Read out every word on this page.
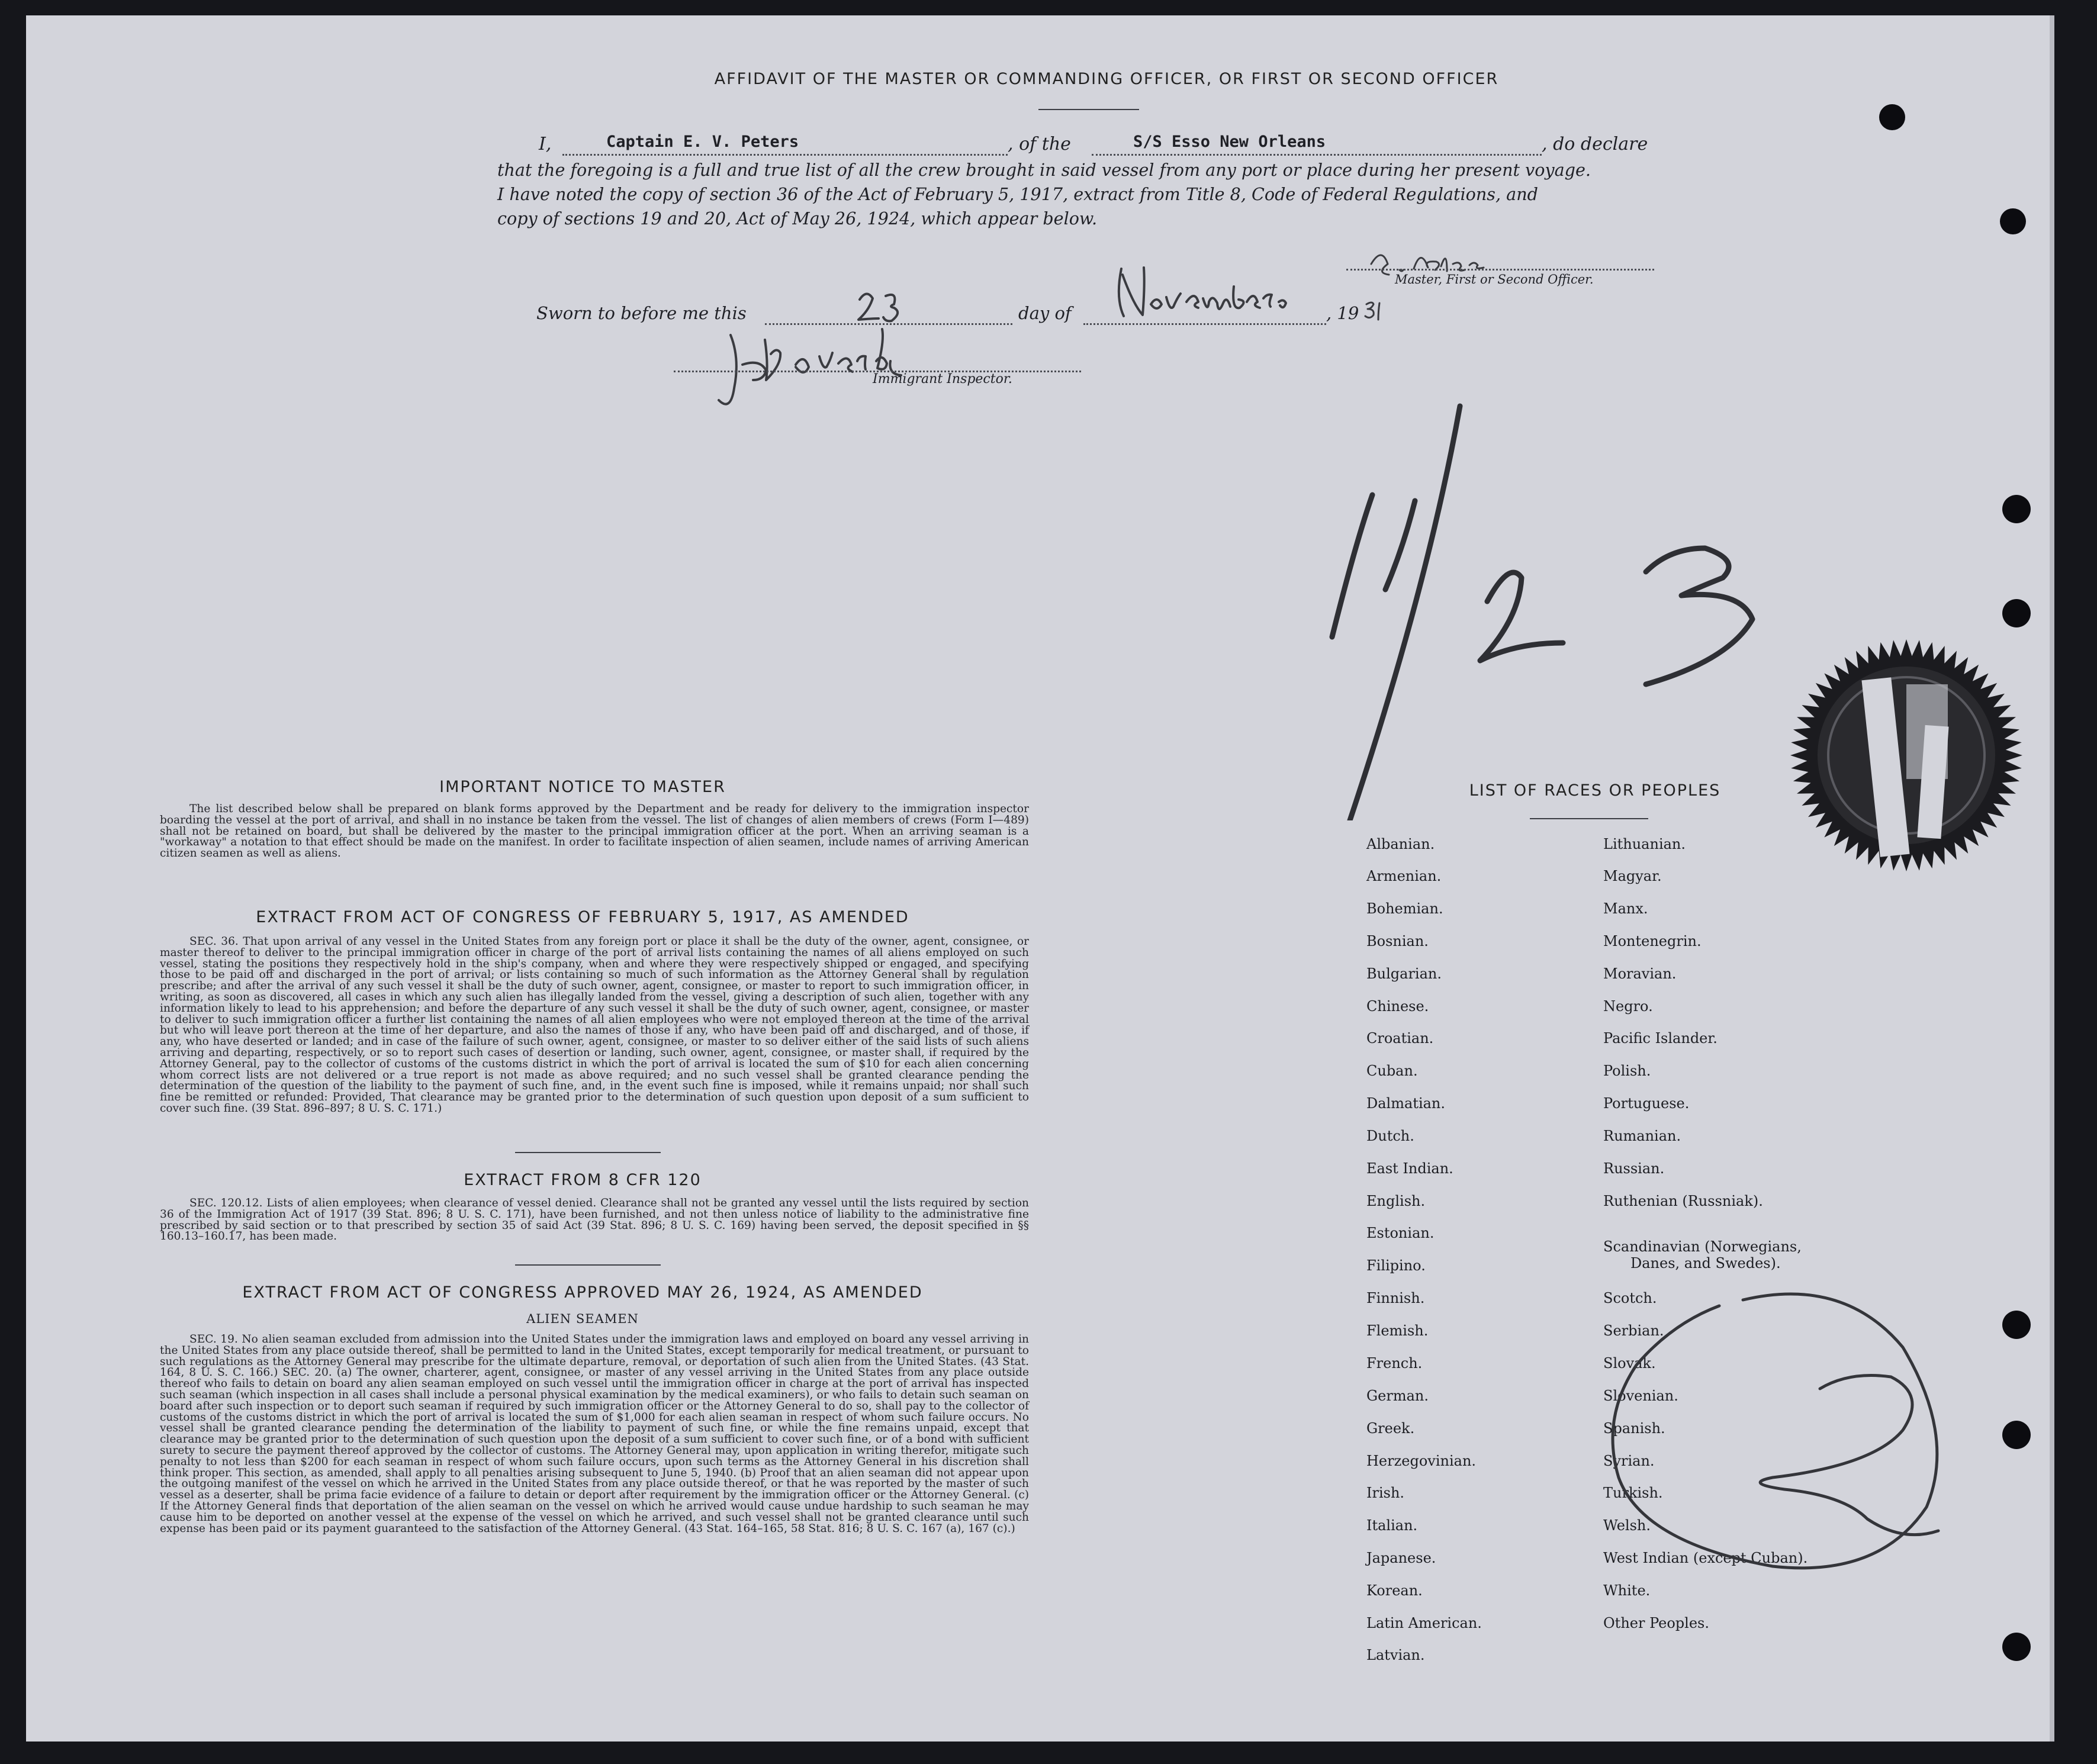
AFFIDAVIT OF THE MASTER OR COMMANDING OFFICER, OR FIRST OR SECOND OFFICER
I,	Captain E. V. Peters	, of the	S/S Esso New Orleans	, do declare
that the foregoing is a full and true list of all the crew brought in said vessel from any port or place during her present voyage.
I have noted the copy of section 36 of the Act of February 5, 1917, extract from Title 8, Code of Federal Regulations, and
copy of sections 19 and 20, Act of May 26, 1924, which appear below.
Master, First or Second Officer.
Sworn to before me this	day of	, 19
Immigrant Inspector.
IMPORTANT NOTICE TO MASTER
The list described below shall be prepared on blank forms approved by the Department and be ready for delivery to the immigration inspector boarding the vessel at the port of arrival, and shall in no instance be taken from the vessel. The list of changes of alien members of crews (Form I—489) shall not be retained on board, but shall be delivered by the master to the principal immigration officer at the port. When an arriving seaman is a "workaway" a notation to that effect should be made on the manifest. In order to facilitate inspection of alien seamen, include names of arriving American citizen seamen as well as aliens.
EXTRACT FROM ACT OF CONGRESS OF FEBRUARY 5, 1917, AS AMENDED
SEC. 36. That upon arrival of any vessel in the United States from any foreign port or place it shall be the duty of the owner, agent, consignee, or master thereof to deliver to the principal immigration officer in charge of the port of arrival lists containing the names of all aliens employed on such vessel, stating the positions they respectively hold in the ship's company, when and where they were respectively shipped or engaged, and specifying those to be paid off and discharged in the port of arrival; or lists containing so much of such information as the Attorney General shall by regulation prescribe; and after the arrival of any such vessel it shall be the duty of such owner, agent, consignee, or master to report to such immigration officer, in writing, as soon as discovered, all cases in which any such alien has illegally landed from the vessel, giving a description of such alien, together with any information likely to lead to his apprehension; and before the departure of any such vessel it shall be the duty of such owner, agent, consignee, or master to deliver to such immigration officer a further list containing the names of all alien employees who were not employed thereon at the time of the arrival but who will leave port thereon at the time of her departure, and also the names of those if any, who have been paid off and discharged, and of those, if any, who have deserted or landed; and in case of the failure of such owner, agent, consignee, or master to so deliver either of the said lists of such aliens arriving and departing, respectively, or so to report such cases of desertion or landing, such owner, agent, consignee, or master shall, if required by the Attorney General, pay to the collector of customs of the customs district in which the port of arrival is located the sum of $10 for each alien concerning whom correct lists are not delivered or a true report is not made as above required; and no such vessel shall be granted clearance pending the determination of the question of the liability to the payment of such fine, and, in the event such fine is imposed, while it remains unpaid; nor shall such fine be remitted or refunded: Provided, That clearance may be granted prior to the determination of such question upon deposit of a sum sufficient to cover such fine. (39 Stat. 896–897; 8 U. S. C. 171.)
EXTRACT FROM 8 CFR 120
SEC. 120.12. Lists of alien employees; when clearance of vessel denied. Clearance shall not be granted any vessel until the lists required by section 36 of the Immigration Act of 1917 (39 Stat. 896; 8 U. S. C. 171), have been furnished, and not then unless notice of liability to the administrative fine prescribed by said section or to that prescribed by section 35 of said Act (39 Stat. 896; 8 U. S. C. 169) having been served, the deposit specified in §§ 160.13–160.17, has been made.
EXTRACT FROM ACT OF CONGRESS APPROVED MAY 26, 1924, AS AMENDED
ALIEN SEAMEN
SEC. 19. No alien seaman excluded from admission into the United States under the immigration laws and employed on board any vessel arriving in the United States from any place outside thereof, shall be permitted to land in the United States, except temporarily for medical treatment, or pursuant to such regulations as the Attorney General may prescribe for the ultimate departure, removal, or deportation of such alien from the United States. (43 Stat. 164, 8 U. S. C. 166.) SEC. 20. (a) The owner, charterer, agent, consignee, or master of any vessel arriving in the United States from any place outside thereof who fails to detain on board any alien seaman employed on such vessel until the immigration officer in charge at the port of arrival has inspected such seaman (which inspection in all cases shall include a personal physical examination by the medical examiners), or who fails to detain such seaman on board after such inspection or to deport such seaman if required by such immigration officer or the Attorney General to do so, shall pay to the collector of customs of the customs district in which the port of arrival is located the sum of $1,000 for each alien seaman in respect of whom such failure occurs. No vessel shall be granted clearance pending the determination of the liability to payment of such fine, or while the fine remains unpaid, except that clearance may be granted prior to the determination of such question upon the deposit of a sum sufficient to cover such fine, or of a bond with sufficient surety to secure the payment thereof approved by the collector of customs. The Attorney General may, upon application in writing therefor, mitigate such penalty to not less than $200 for each seaman in respect of whom such failure occurs, upon such terms as the Attorney General in his discretion shall think proper. This section, as amended, shall apply to all penalties arising subsequent to June 5, 1940. (b) Proof that an alien seaman did not appear upon the outgoing manifest of the vessel on which he arrived in the United States from any place outside thereof, or that he was reported by the master of such vessel as a deserter, shall be prima facie evidence of a failure to detain or deport after requirement by the immigration officer or the Attorney General. (c) If the Attorney General finds that deportation of the alien seaman on the vessel on which he arrived would cause undue hardship to such seaman he may cause him to be deported on another vessel at the expense of the vessel on which he arrived, and such vessel shall not be granted clearance until such expense has been paid or its payment guaranteed to the satisfaction of the Attorney General. (43 Stat. 164–165, 58 Stat. 816; 8 U. S. C. 167 (a), 167 (c).)
LIST OF RACES OR PEOPLES
Albanian.
Armenian.
Bohemian.
Bosnian.
Bulgarian.
Chinese.
Croatian.
Cuban.
Dalmatian.
Dutch.
East Indian.
English.
Estonian.
Filipino.
Finnish.
Flemish.
French.
German.
Greek.
Herzegovinian.
Irish.
Italian.
Japanese.
Korean.
Latin American.
Latvian.
Lithuanian.
Magyar.
Manx.
Montenegrin.
Moravian.
Negro.
Pacific Islander.
Polish.
Portuguese.
Rumanian.
Russian.
Ruthenian (Russniak).
Scandinavian (Norwegians,
Danes, and Swedes).
Scotch.
Serbian.
Slovak.
Slovenian.
Spanish.
Syrian.
Turkish.
Welsh.
West Indian (except Cuban).
White.
Other Peoples.
